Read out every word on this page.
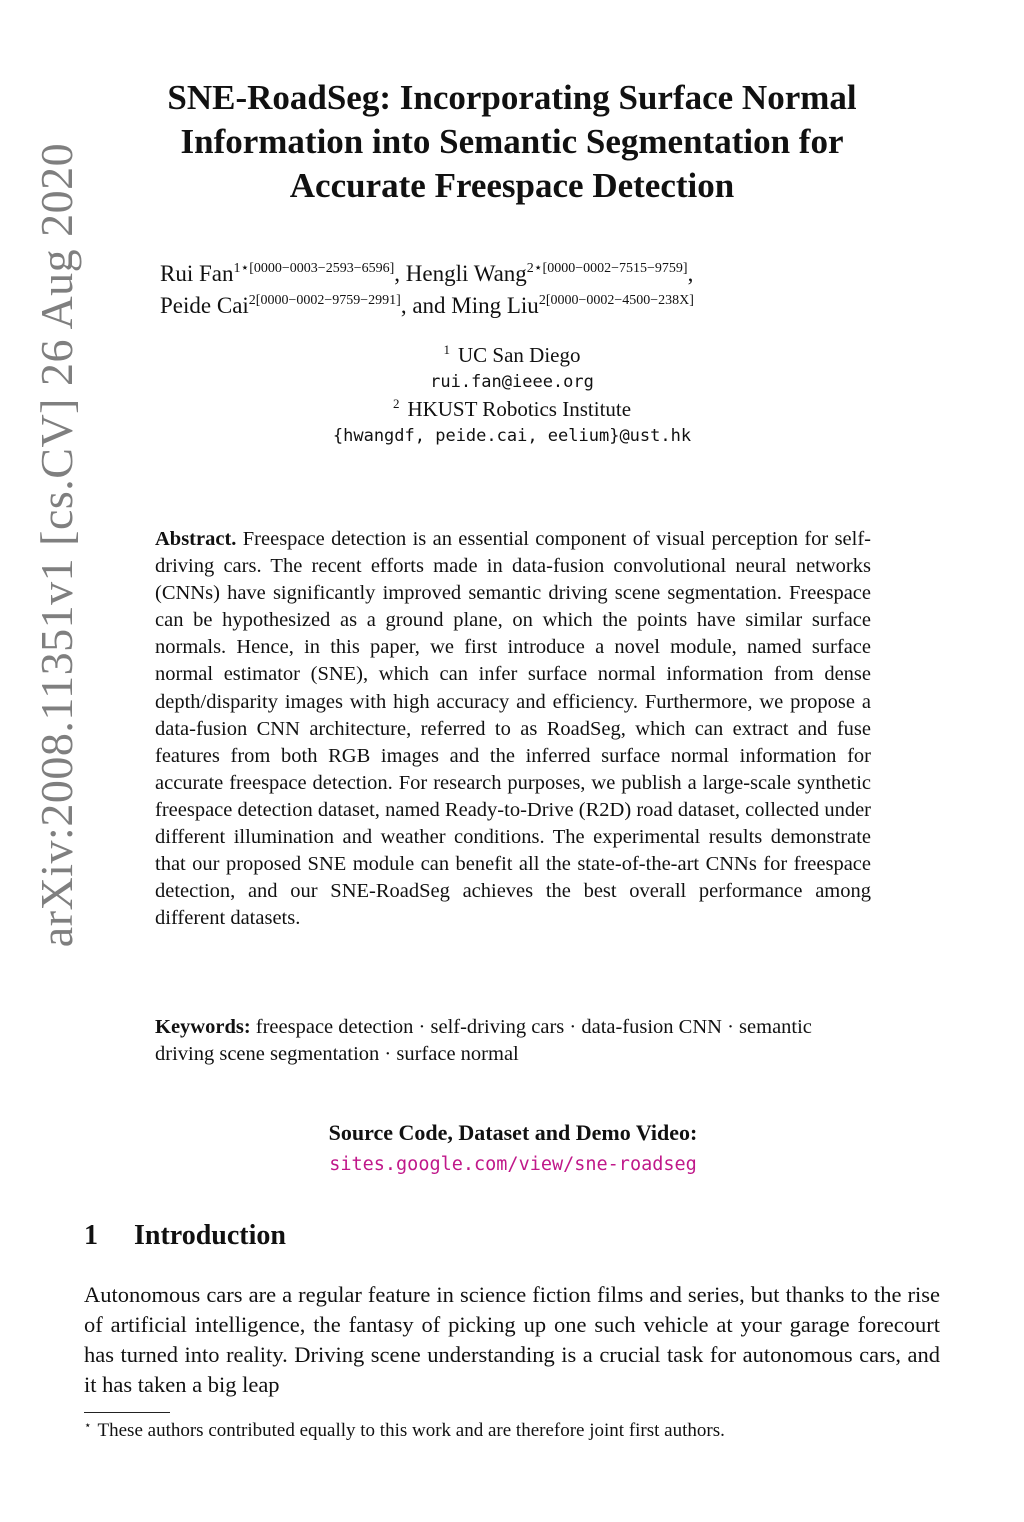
arXiv:2008.11351v1 [cs.CV] 26 Aug 2020
SNE-RoadSeg: Incorporating Surface Normal
Information into Semantic Segmentation for
Accurate Freespace Detection
Rui Fan$^{1⋆[0000-0003-2593-6596]}$, Hengli Wang$^{2⋆[0000-0002-7515-9759]}$,
Peide Cai$^{2[0000-0002-9759-2991]}$, and Ming Liu$^{2[0000-0002-4500-238X]}$
$^1$ UC San Diego
rui.fan@ieee.org
$^2$ HKUST Robotics Institute
{hwangdf, peide.cai, eelium}@ust.hk
Abstract. Freespace detection is an essential component of visual perception for self-driving cars. The recent efforts made in data-fusion convolutional neural networks (CNNs) have significantly improved semantic driving scene segmentation. Freespace can be hypothesized as a ground plane, on which the points have similar surface normals. Hence, in this paper, we first introduce a novel module, named surface normal estimator (SNE), which can infer surface normal information from dense depth/disparity images with high accuracy and efficiency. Furthermore, we propose a data-fusion CNN architecture, referred to as RoadSeg, which can extract and fuse features from both RGB images and the inferred surface normal information for accurate freespace detection. For research purposes, we publish a large-scale synthetic freespace detection dataset, named Ready-to-Drive (R2D) road dataset, collected under different illumination and weather conditions. The experimental results demonstrate that our proposed SNE module can benefit all the state-of-the-art CNNs for freespace detection, and our SNE-RoadSeg achieves the best overall performance among different datasets.
Keywords: freespace detection · self-driving cars · data-fusion CNN · semantic driving scene segmentation · surface normal
Source Code, Dataset and Demo Video:
sites.google.com/view/sne-roadseg
1 Introduction
Autonomous cars are a regular feature in science fiction films and series, but thanks to the rise of artificial intelligence, the fantasy of picking up one such vehicle at your garage forecourt has turned into reality. Driving scene understanding is a crucial task for autonomous cars, and it has taken a big leap
⋆ These authors contributed equally to this work and are therefore joint first authors.
